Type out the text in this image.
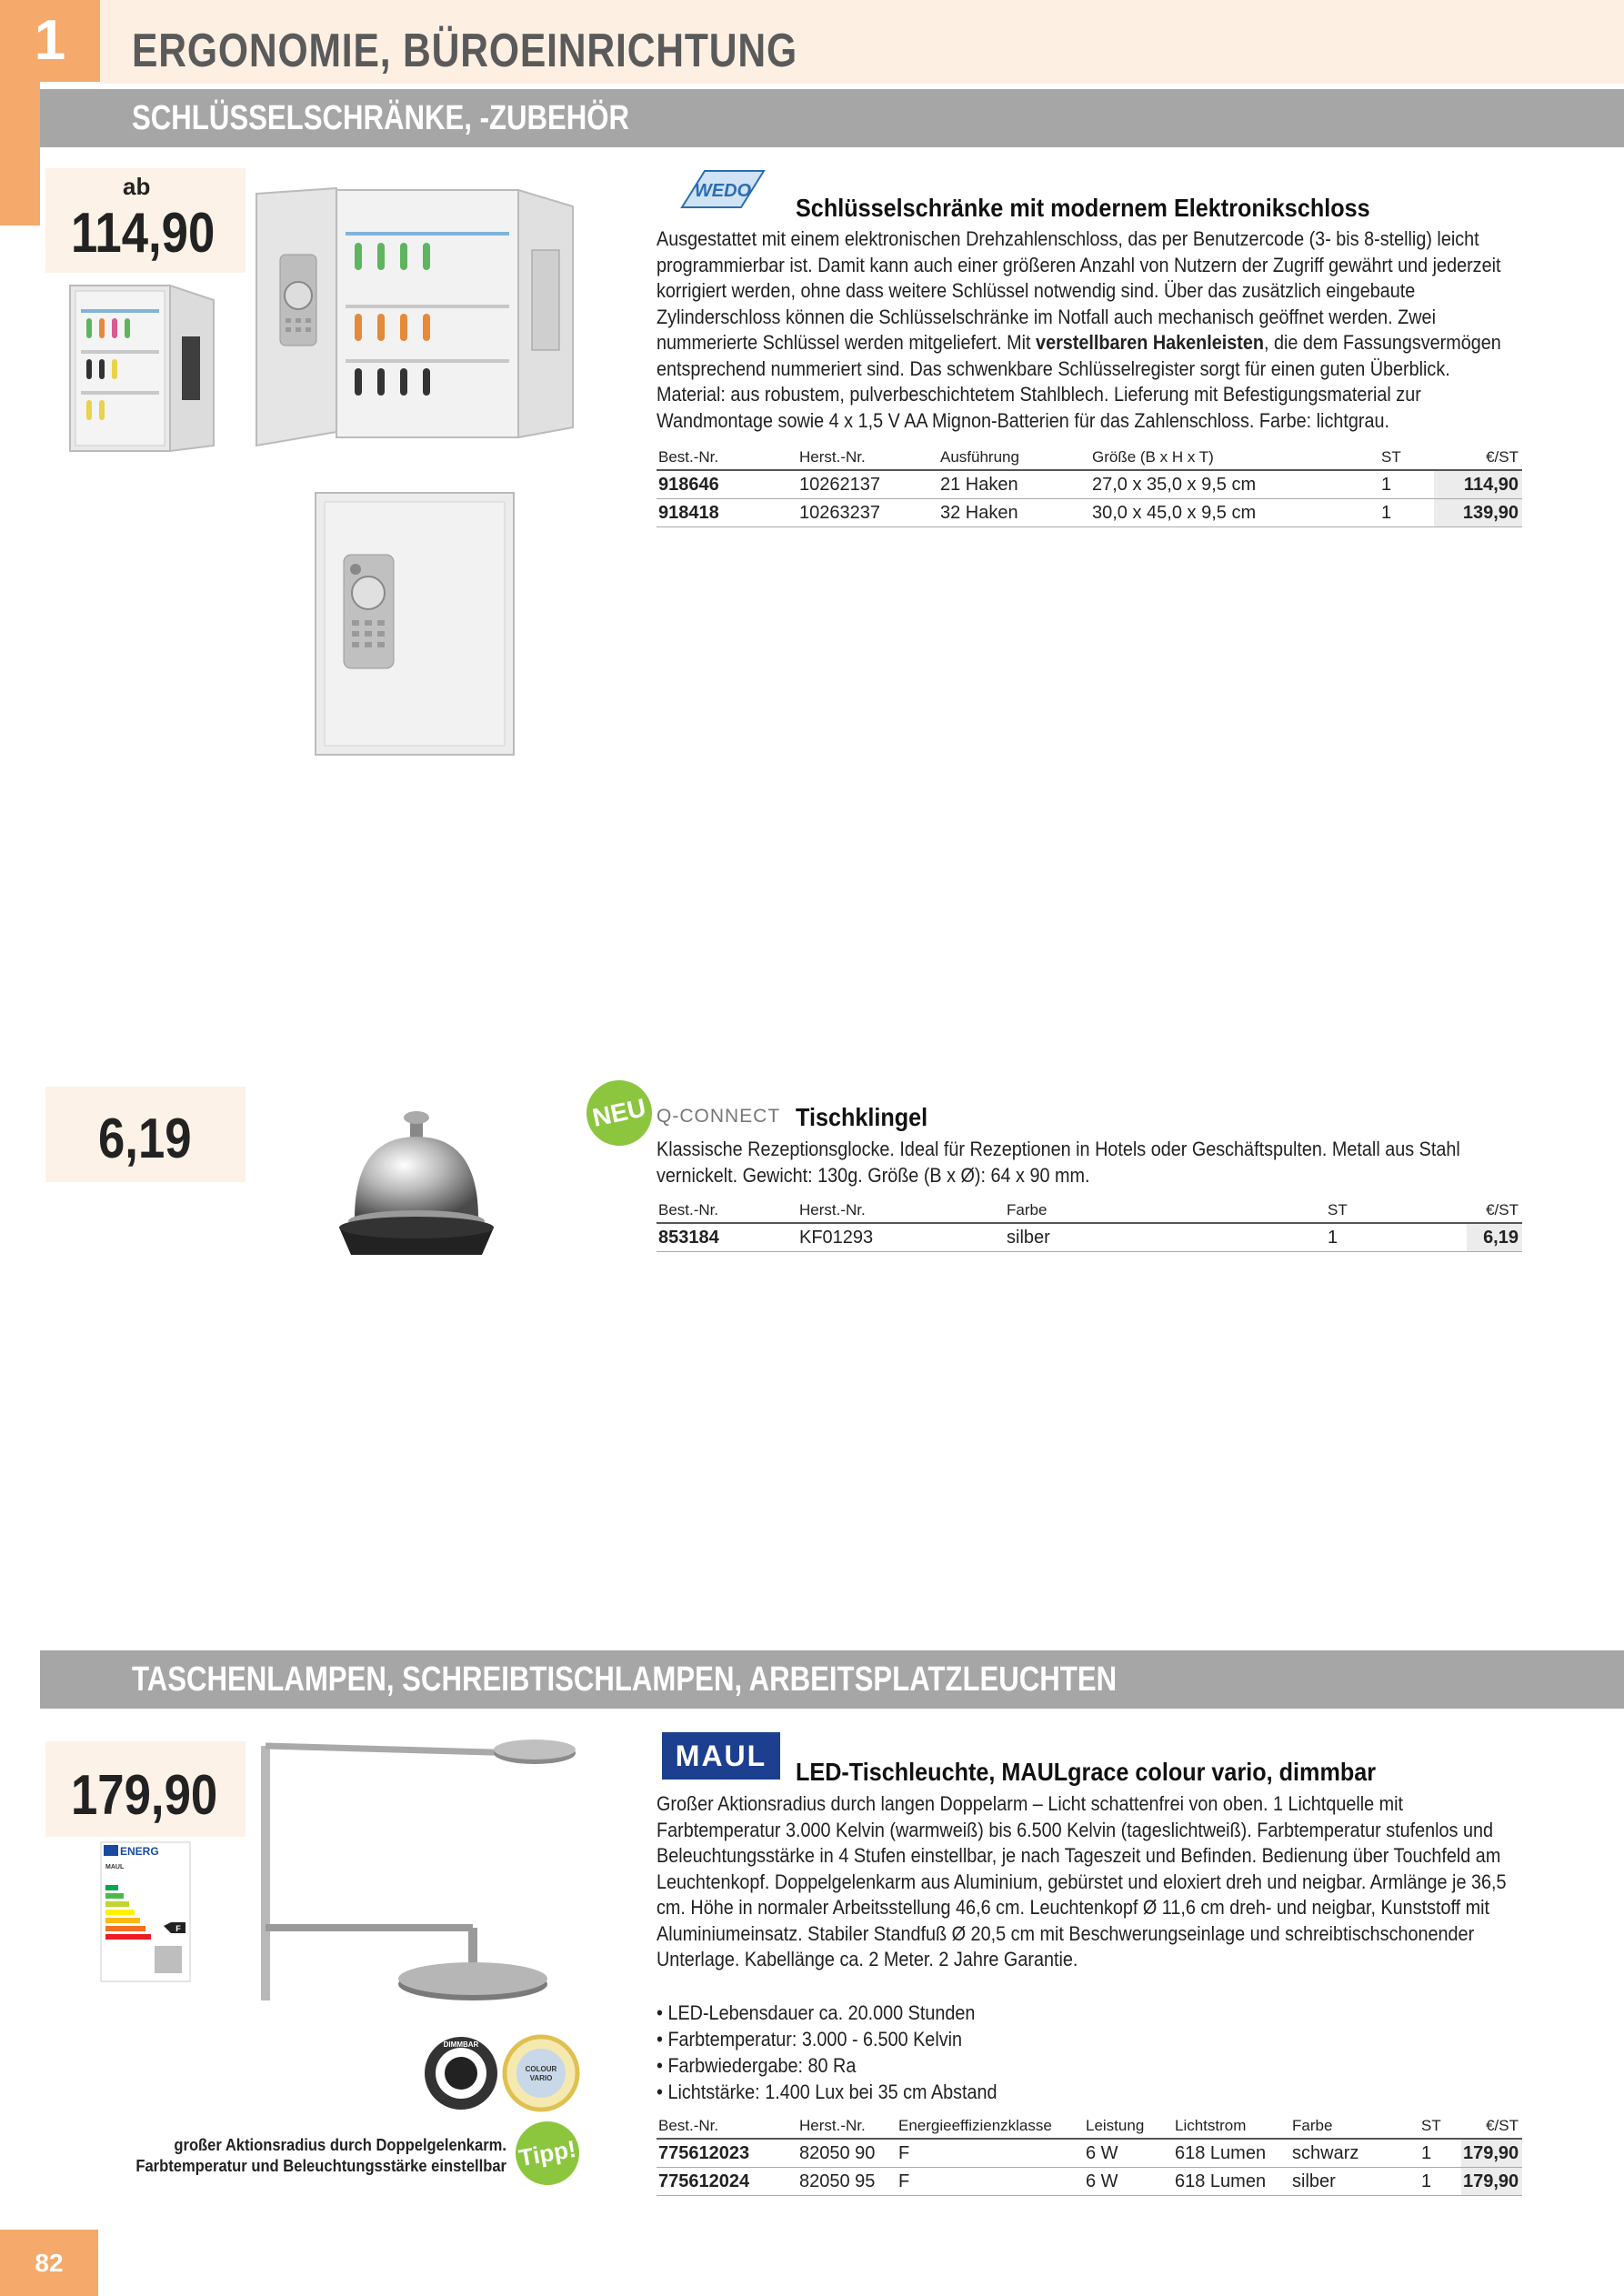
1	ERGONOMIE, BÜROEINRICHTUNG
SCHLÜSSELSCHRÄNKE, -ZUBEHÖR
ab
114,90
WEDO
Schlüsselschränke mit modernem Elektronikschloss

Ausgestattet mit einem elektronischen Drehzahlenschloss, das per Benutzercode (3- bis 8-stellig) leicht programmierbar ist. Damit kann auch einer größeren Anzahl von Nutzern der Zugriff gewährt und jederzeit korrigiert werden, ohne dass weitere Schlüssel notwendig sind. Über das zusätzlich eingebaute Zylinderschloss können die Schlüsselschränke im Notfall auch mechanisch geöffnet werden. Zwei nummerierte Schlüssel werden mitgeliefert. Mit verstellbaren Hakenleisten, die dem Fassungsvermögen entsprechend nummeriert sind. Das schwenkbare Schlüsselregister sorgt für einen guten Überblick. Material: aus robustem, pulverbeschichtetem Stahlblech. Lieferung mit Befestigungsmaterial zur Wandmontage sowie 4 x 1,5 V AA Mignon-Batterien für das Zahlenschloss. Farbe: lichtgrau.

Best.-Nr.	Herst.-Nr.	Ausführung	Größe (B x H x T)	ST	€/ST
918646	10262137	21 Haken	27,0 x 35,0 x 9,5 cm	1	114,90
918418	10263237	32 Haken	30,0 x 45,0 x 9,5 cm	1	139,90
6,19	NEU Q-CONNECT Tischklingel

Klassische Rezeptionsglocke. Ideal für Rezeptionen in Hotels oder Geschäftspulten. Metall aus Stahl vernickelt. Gewicht: 130g. Größe (B x Ø): 64 x 90 mm.

Best.-Nr.	Herst.-Nr.	Farbe	ST	€/ST
853184	KF01293	silber	1	6,19
TASCHENLAMPEN, SCHREIBTISCHLAMPEN, ARBEITSPLATZLEUCHTEN
179,90
ENERG
MAUL
F
DIMMBAR
COLOUR
VARIO
großer Aktionsradius durch Doppelgelenkarm.
Farbtemperatur und Beleuchtungsstärke einstellbar Tipp!
MAUL	LED-Tischleuchte, MAULgrace colour vario, dimmbar

Großer Aktionsradius durch langen Doppelarm – Licht schattenfrei von oben. 1 Lichtquelle mit Farbtemperatur 3.000 Kelvin (warmweiß) bis 6.500 Kelvin (tageslichtweiß). Farbtemperatur stufenlos und Beleuchtungsstärke in 4 Stufen einstellbar, je nach Tageszeit und Befinden. Bedienung über Touchfeld am Leuchtenkopf. Doppelgelenkarm aus Aluminium, gebürstet und eloxiert dreh und neigbar. Armlänge je 36,5 cm. Höhe in normaler Arbeitsstellung 46,6 cm. Leuchtenkopf Ø 11,6 cm dreh- und neigbar, Kunststoff mit Aluminiumeinsatz. Stabiler Standfuß Ø 20,5 cm mit Beschwerungseinlage und schreibtischschonender Unterlage. Kabellänge ca. 2 Meter. 2 Jahre Garantie.

• LED-Lebensdauer ca. 20.000 Stunden
• Farbtemperatur: 3.000 - 6.500 Kelvin
• Farbwiedergabe: 80 Ra
• Lichtstärke: 1.400 Lux bei 35 cm Abstand
Best.-Nr.	Herst.-Nr.	Energieeffizienzklasse	Leistung	Lichtstrom	Farbe	ST	€/ST
775612023	82050 90	F	6 W	618 Lumen	schwarz	1	179,90
775612024	82050 95	F	6 W	618 Lumen	silber	1	179,90
82
